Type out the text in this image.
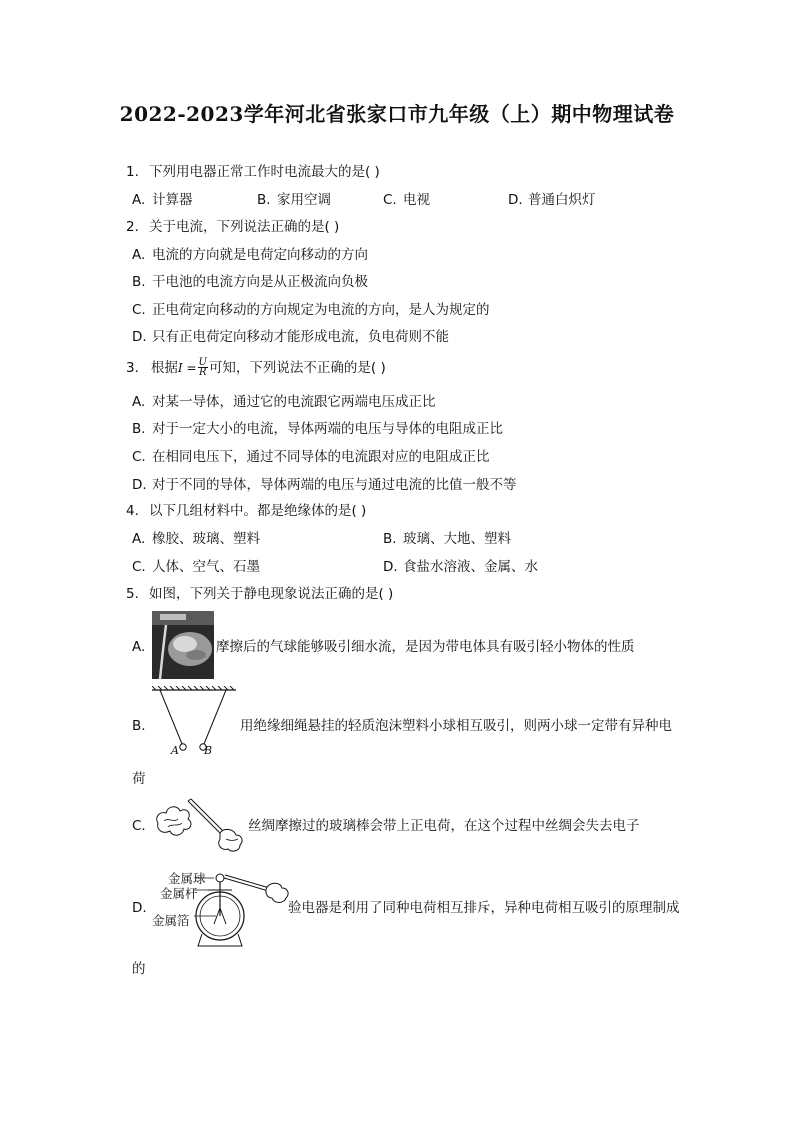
2022-2023学年河北省张家口市九年级（上）期中物理试卷
1. 下列用电器正常工作时电流最大的是( )
A. 计算器	B. 家用空调	C. 电视	D. 普通白炽灯
2. 关于电流，下列说法正确的是( )
A. 电流的方向就是电荷定向移动的方向
B. 干电池的电流方向是从正极流向负极
C. 正电荷定向移动的方向规定为电流的方向，是人为规定的
D. 只有正电荷定向移动才能形成电流，负电荷则不能
3. 根据 $I = \frac{U}{R}$ 可知，下列说法不正确的是( )
A. 对某一导体，通过它的电流跟它两端电压成正比
B. 对于一定大小的电流，导体两端的电压与导体的电阻成正比
C. 在相同电压下，通过不同导体的电流跟对应的电阻成正比
D. 对于不同的导体，导体两端的电压与通过电流的比值一般不等
4. 以下几组材料中。都是绝缘体的是( )
A. 橡胶、玻璃、塑料	B. 玻璃、大地、塑料
C. 人体、空气、石墨	D. 食盐水溶液、金属、水
5. 如图，下列关于静电现象说法正确的是( )
A.	摩擦后的气球能够吸引细水流，是因为带电体具有吸引轻小物体的性质
B.
A B
用绝缘细绳悬挂的轻质泡沫塑料小球相互吸引，则两小球一定带有异种电
荷
C.	丝绸摩擦过的玻璃棒会带上正电荷，在这个过程中丝绸会失去电子
D.
金属球
金属杆
金属箔
验电器是利用了同种电荷相互排斥，异种电荷相互吸引的原理制成
的
